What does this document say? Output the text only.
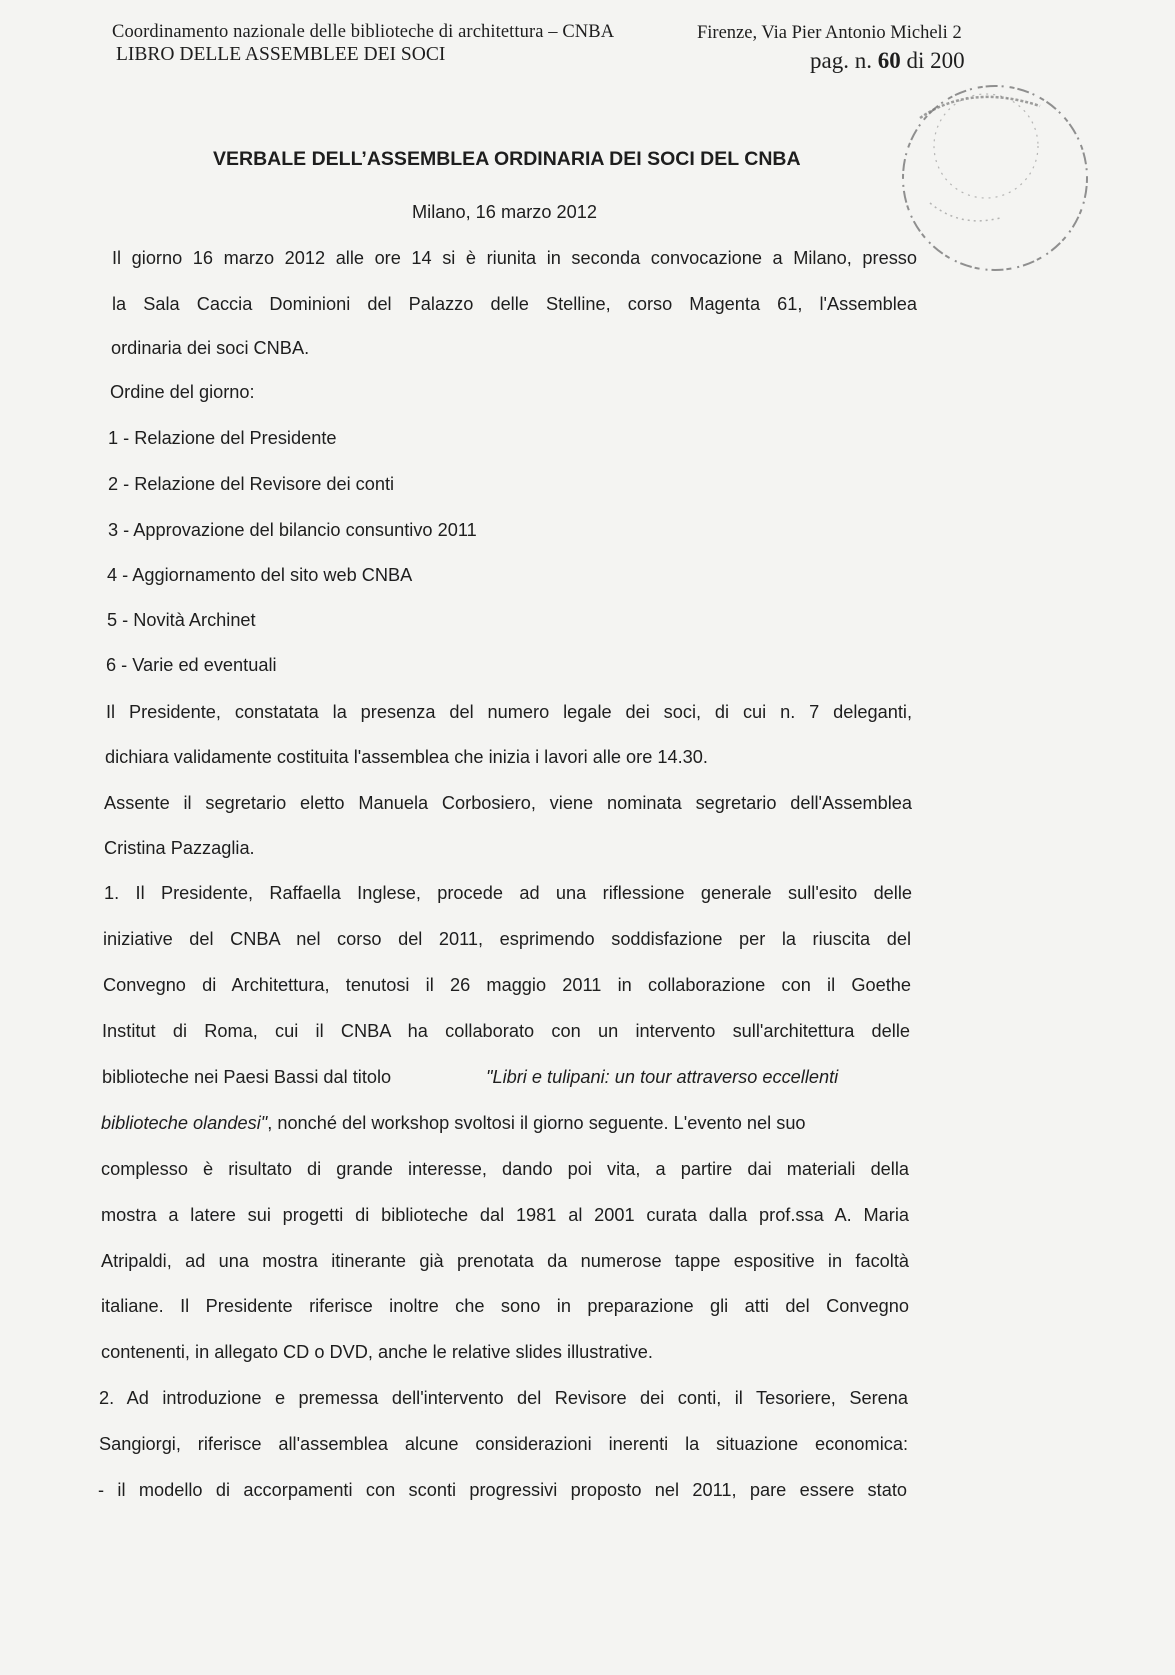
Coordinamento nazionale delle biblioteche di architettura – CNBA	Firenze, Via Pier Antonio Micheli 2
LIBRO DELLE ASSEMBLEE DEI SOCI	pag. n. 60 di 200
VERBALE DELL’ASSEMBLEA ORDINARIA DEI SOCI DEL CNBA
Milano, 16 marzo 2012
Il giorno 16 marzo 2012 alle ore 14 si è riunita in seconda convocazione a Milano, presso
la Sala Caccia Dominioni del Palazzo delle Stelline, corso Magenta 61, l'Assemblea
ordinaria dei soci CNBA.
Ordine del giorno:
1 - Relazione del Presidente
2 - Relazione del Revisore dei conti
3 - Approvazione del bilancio consuntivo 2011
4 - Aggiornamento del sito web CNBA
5 - Novità Archinet
6 - Varie ed eventuali
Il Presidente, constatata la presenza del numero legale dei soci, di cui n. 7 deleganti,
dichiara validamente costituita l'assemblea che inizia i lavori alle ore 14.30.
Assente il segretario eletto Manuela Corbosiero, viene nominata segretario dell'Assemblea
Cristina Pazzaglia.
1. Il Presidente, Raffaella Inglese, procede ad una riflessione generale sull'esito delle
iniziative del CNBA nel corso del 2011, esprimendo soddisfazione per la riuscita del
Convegno di Architettura, tenutosi il 26 maggio 2011 in collaborazione con il Goethe
Institut di Roma, cui il CNBA ha collaborato con un intervento sull'architettura delle
biblioteche nei Paesi Bassi dal titolo	"Libri e tulipani: un tour attraverso eccellenti
biblioteche olandesi", nonché del workshop svoltosi il giorno seguente. L'evento nel suo
complesso è risultato di grande interesse, dando poi vita, a partire dai materiali della
mostra a latere sui progetti di biblioteche dal 1981 al 2001 curata dalla prof.ssa A. Maria
Atripaldi, ad una mostra itinerante già prenotata da numerose tappe espositive in facoltà
italiane. Il Presidente riferisce inoltre che sono in preparazione gli atti del Convegno
contenenti, in allegato CD o DVD, anche le relative slides illustrative.
2. Ad introduzione e premessa dell'intervento del Revisore dei conti, il Tesoriere, Serena
Sangiorgi, riferisce all'assemblea alcune considerazioni inerenti la situazione economica:
- il modello di accorpamenti con sconti progressivi proposto nel 2011, pare essere stato
